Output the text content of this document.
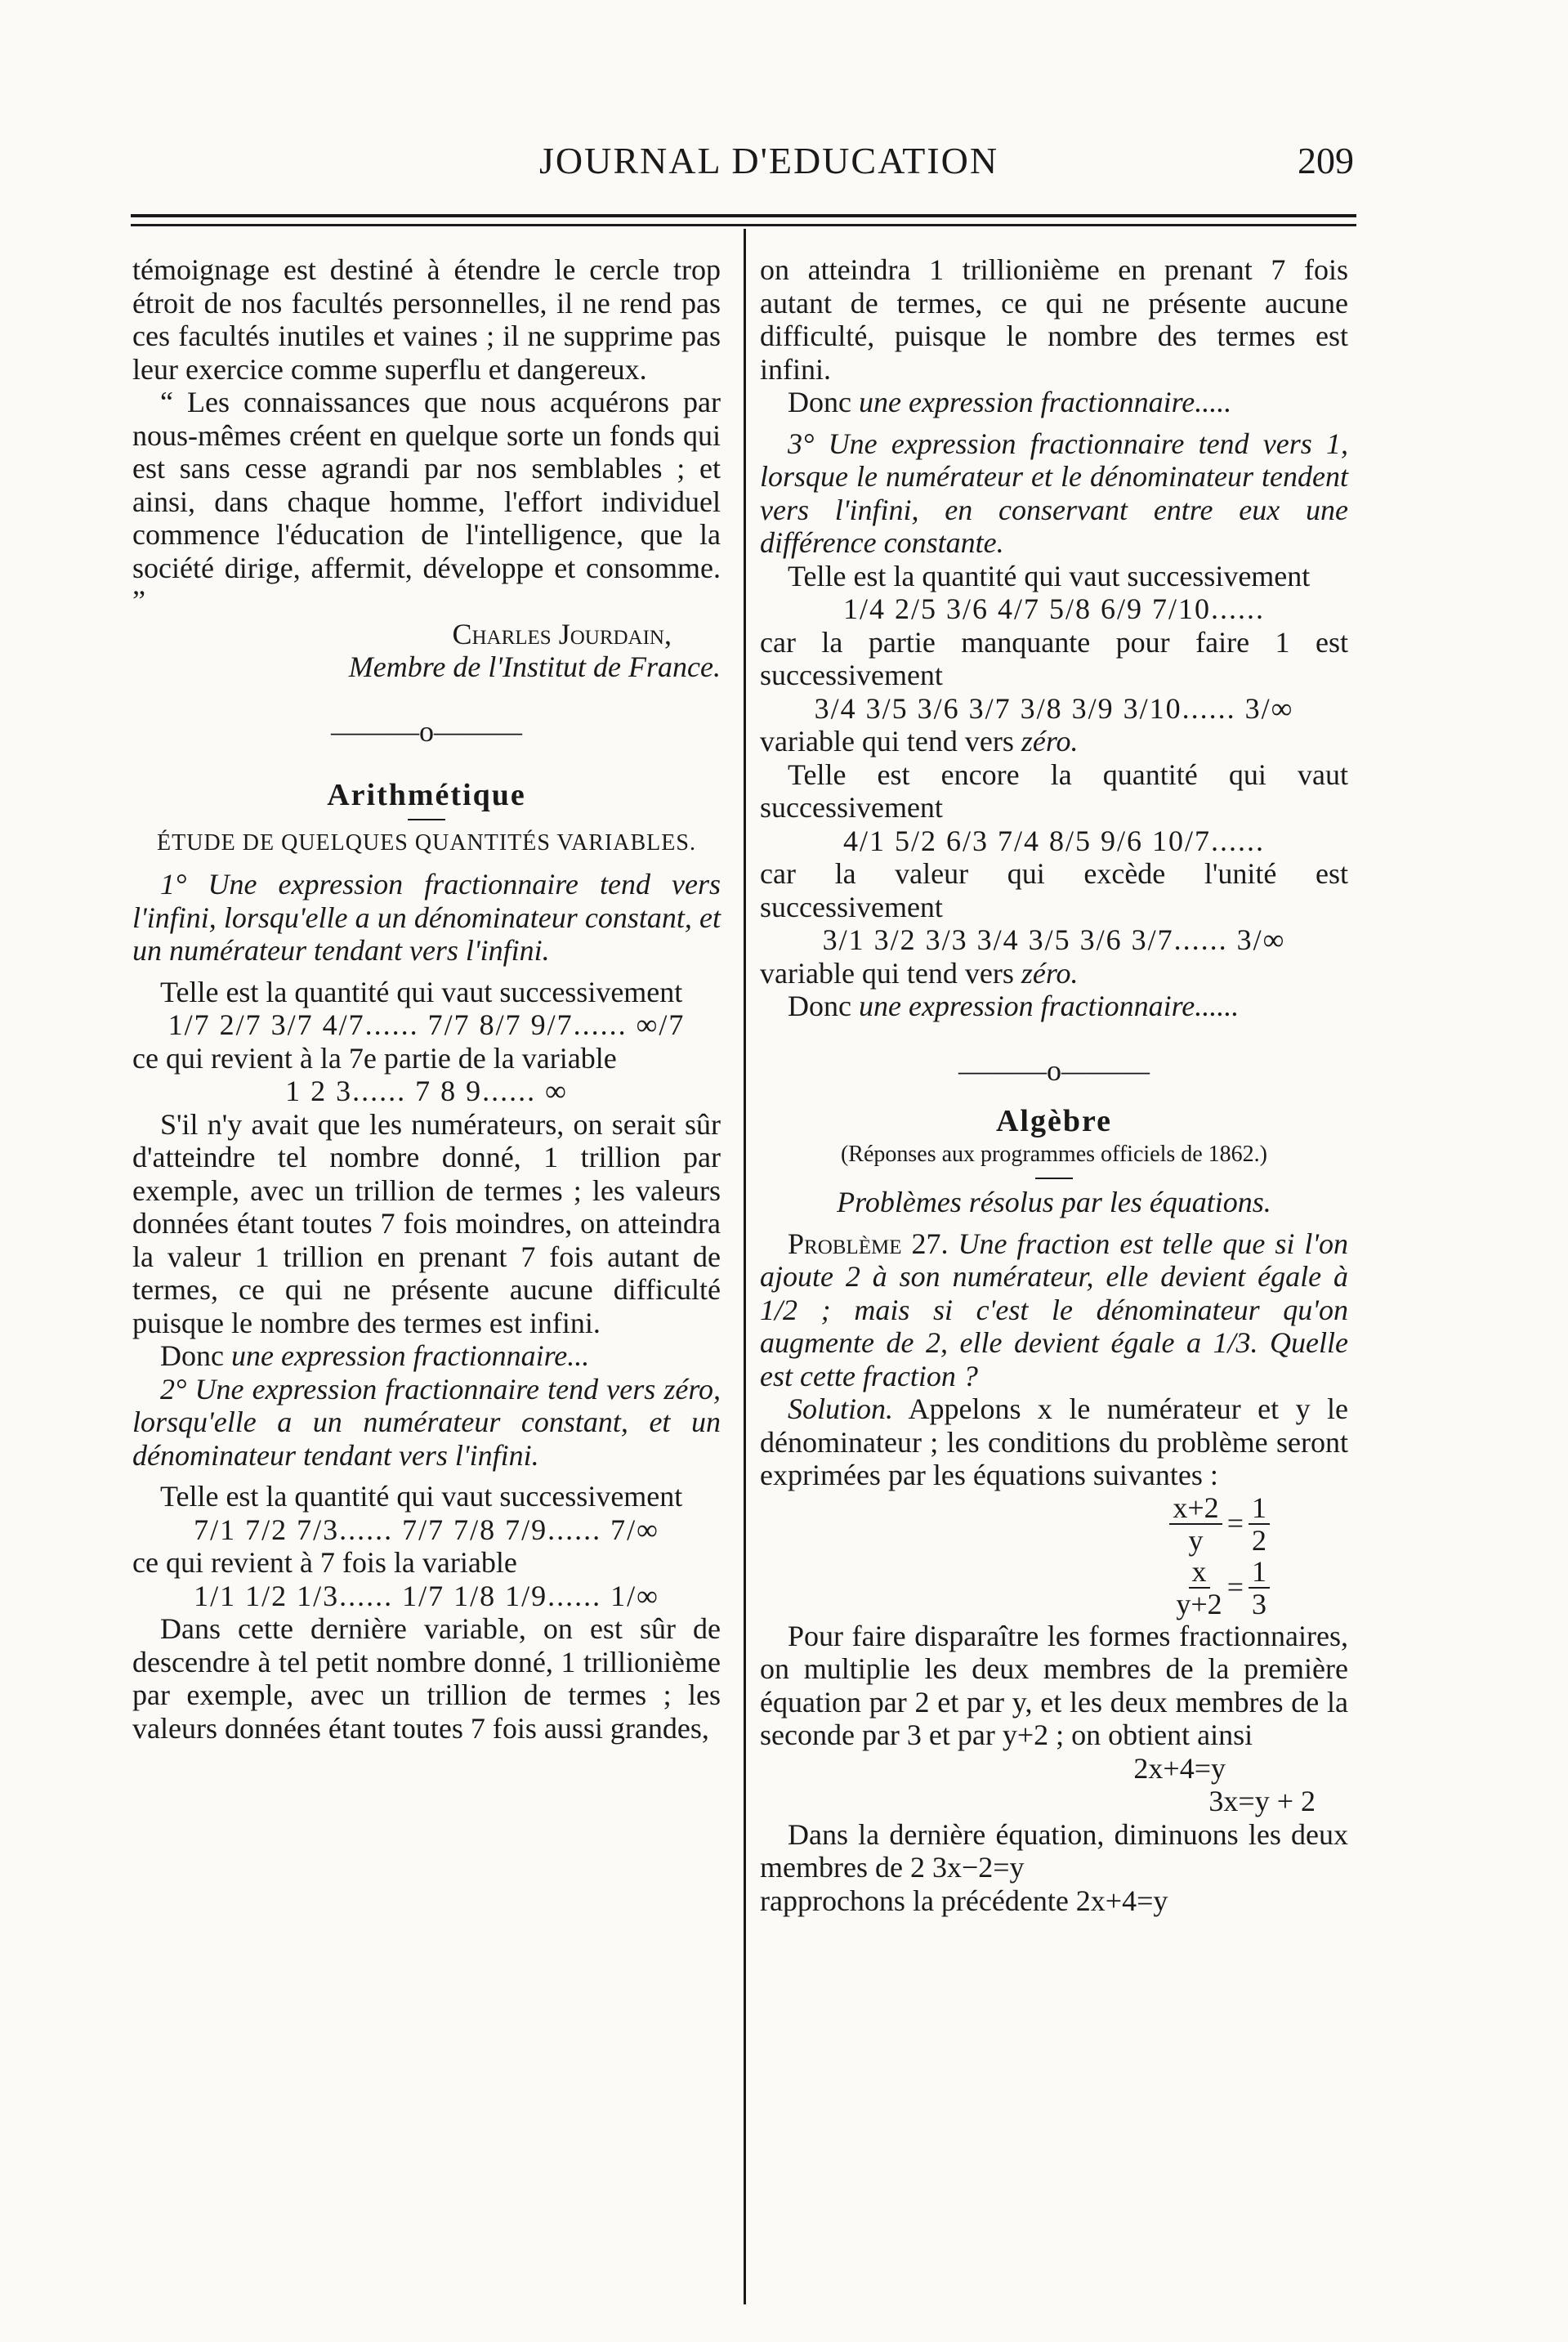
JOURNAL D'EDUCATION	209

témoignage est destiné à étendre le cercle trop étroit de nos facultés personnelles, il ne rend pas ces facultés inutiles et vaines ; il ne supprime pas leur exercice comme superflu et dangereux.

“ Les connaissances que nous acquérons par nous-mêmes créent en quelque sorte un fonds qui est sans cesse agrandi par nos semblables ; et ainsi, dans chaque homme, l'effort individuel commence l'éducation de l'intelligence, que la société dirige, affermit, développe et consomme. ”

Charles Jourdain,

Membre de l'Institut de France.

———o———

Arithmétique

ÉTUDE DE QUELQUES QUANTITÉS VARIABLES.

1° Une expression fractionnaire tend vers l'infini, lorsqu'elle a un dénominateur constant, et un numérateur tendant vers l'infini.

Telle est la quantité qui vaut successivement

1/7 2/7 3/7 4/7...... 7/7 8/7 9/7...... ∞/7

ce qui revient à la 7e partie de la variable

1 2 3...... 7 8 9...... ∞

S'il n'y avait que les numérateurs, on serait sûr d'atteindre tel nombre donné, 1 trillion par exemple, avec un trillion de termes ; les valeurs données étant toutes 7 fois moindres, on atteindra la valeur 1 trillion en prenant 7 fois autant de termes, ce qui ne présente aucune difficulté puisque le nombre des termes est infini.

Donc une expression fractionnaire...

2° Une expression fractionnaire tend vers zéro, lorsqu'elle a un numérateur constant, et un dénominateur tendant vers l'infini.

Telle est la quantité qui vaut successivement

7/1 7/2 7/3...... 7/7 7/8 7/9...... 7/∞

ce qui revient à 7 fois la variable

1/1 1/2 1/3...... 1/7 1/8 1/9...... 1/∞

Dans cette dernière variable, on est sûr de descendre à tel petit nombre donné, 1 trillionième par exemple, avec un trillion de termes ; les valeurs données étant toutes 7 fois aussi grandes,

on atteindra 1 trillionième en prenant 7 fois autant de termes, ce qui ne présente aucune difficulté, puisque le nombre des termes est infini.

Donc une expression fractionnaire.....

3° Une expression fractionnaire tend vers 1, lorsque le numérateur et le dénominateur tendent vers l'infini, en conservant entre eux une différence constante.

Telle est la quantité qui vaut successivement

1/4 2/5 3/6 4/7 5/8 6/9 7/10......

car la partie manquante pour faire 1 est successivement

3/4 3/5 3/6 3/7 3/8 3/9 3/10...... 3/∞

variable qui tend vers zéro.

Telle est encore la quantité qui vaut successivement

4/1 5/2 6/3 7/4 8/5 9/6 10/7......

car la valeur qui excède l'unité est successivement

3/1 3/2 3/3 3/4 3/5 3/6 3/7...... 3/∞

variable qui tend vers zéro.

Donc une expression fractionnaire......

———o———

Algèbre

(Réponses aux programmes officiels de 1862.)

Problèmes résolus par les équations.

Problème 27. Une fraction est telle que si l'on ajoute 2 à son numérateur, elle devient égale à 1/2 ; mais si c'est le dénominateur qu'on augmente de 2, elle devient égale a 1/3. Quelle est cette fraction ?

Solution. Appelons x le numérateur et y le dénominateur ; les conditions du problème seront exprimées par les équations suivantes :

$\frac{x+2}{y} = \frac{1}{2}$
$\frac{x}{y+2} = \frac{1}{3}$

Pour faire disparaître les formes fractionnaires, on multiplie les deux membres de la première équation par 2 et par y, et les deux membres de la seconde par 3 et par y+2 ; on obtient ainsi

2x+4=y

3x=y + 2

Dans la dernière équation, diminuons les deux membres de 2 3x−2=y

rapprochons la précédente 2x+4=y
